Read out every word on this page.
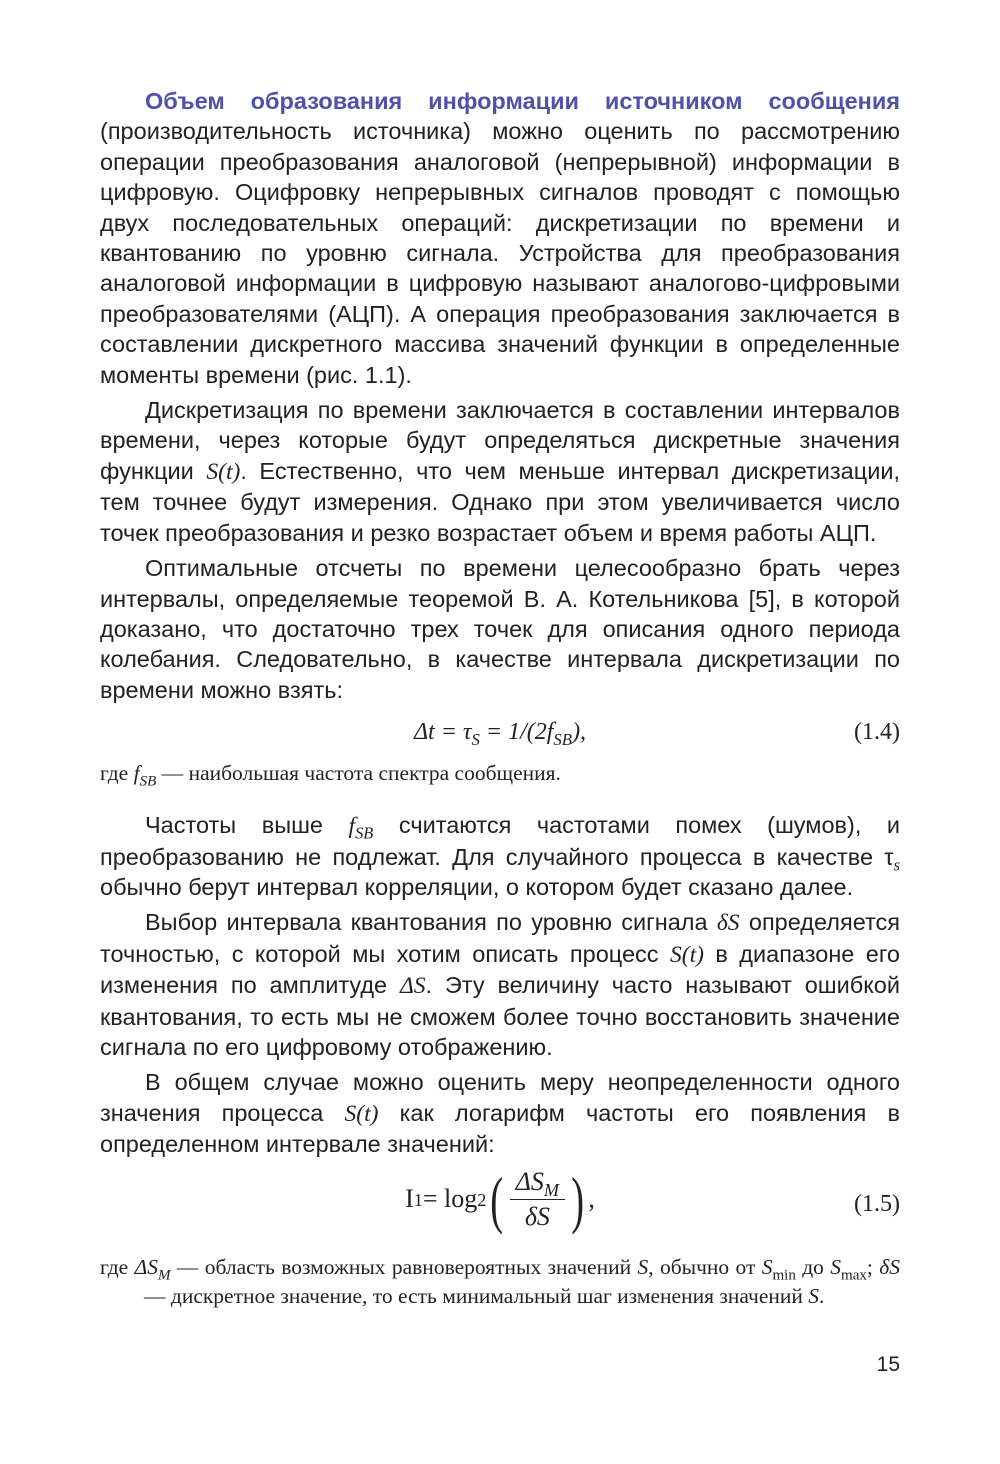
Объем образования информации источником сообщения (производительность источника) можно оценить по рассмотрению операции преобразования аналоговой (непрерывной) информации в цифровую. Оцифровку непрерывных сигналов проводят с помощью двух последовательных операций: дискретизации по времени и квантованию по уровню сигнала. Устройства для преобразования аналоговой информации в цифровую называют аналогово-цифровыми преобразователями (АЦП). А операция преобразования заключается в составлении дискретного массива значений функции в определенные моменты времени (рис. 1.1).

Дискретизация по времени заключается в составлении интервалов времени, через которые будут определяться дискретные значения функции S(t). Естественно, что чем меньше интервал дискретизации, тем точнее будут измерения. Однако при этом увеличивается число точек преобразования и резко возрастает объем и время работы АЦП.

Оптимальные отсчеты по времени целесообразно брать через интервалы, определяемые теоремой В. А. Котельникова [5], в которой доказано, что достаточно трех точек для описания одного периода колебания. Следовательно, в качестве интервала дискретизации по времени можно взять:

$\Delta t = \tau_S = 1/(2f_{SB})$,	(1.4)

где $f_{SB}$ — наибольшая частота спектра сообщения.

Частоты выше $f_{SB}$ считаются частотами помех (шумов), и преобразованию не подлежат. Для случайного процесса в качестве $\tau_s$ обычно берут интервал корреляции, о котором будет сказано далее.

Выбор интервала квантования по уровню сигнала δS определяется точностью, с которой мы хотим описать процесс S(t) в диапазоне его изменения по амплитуде ΔS. Эту величину часто называют ошибкой квантования, то есть мы не сможем более точно восстановить значение сигнала по его цифровому отображению.

В общем случае можно оценить меру неопределенности одного значения процесса S(t) как логарифм частоты его появления в определенном интервале значений:

I 1 = log 2 ( $\frac{\Delta S_M}{\delta S}$ ) ,	(1.5)

где $\Delta S_M$ — область возможных равновероятных значений S, обычно от $S_{min}$ до $S_{max}$; δS — дискретное значение, то есть минимальный шаг изменения значений S.

15
